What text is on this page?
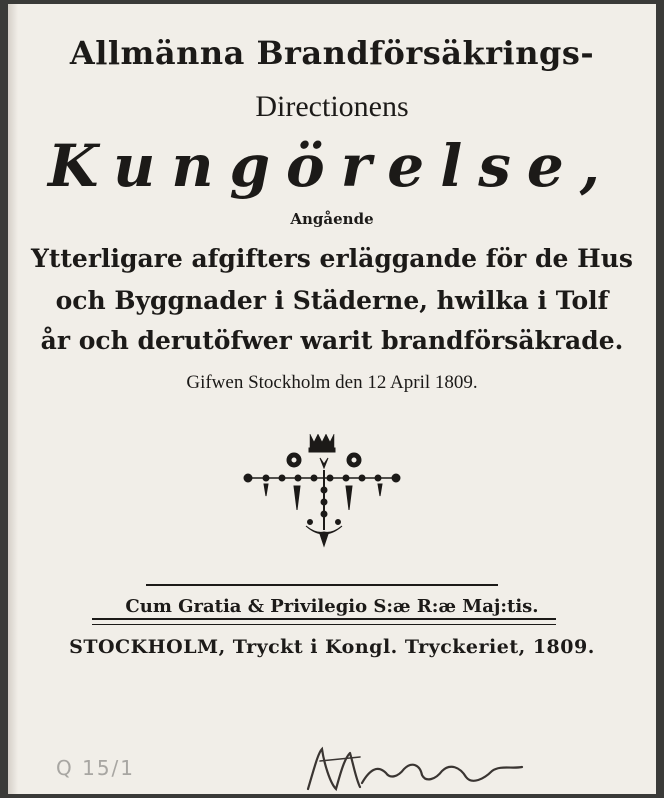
Allmänna Brandförsäkrings-
Directionens
Kungörelse,
Angående
Ytterligare afgifters erläggande för de Hus
och Byggnader i Städerne, hwilka i Tolf
år och derutöfwer warit brandförsäkrade.
Gifwen Stockholm den 12 April 1809.
Cum Gratia & Privilegio S:æ R:æ Maj:tis.
STOCKHOLM, Tryckt i Kongl. Tryckeriet, 1809.
Q 15/1
